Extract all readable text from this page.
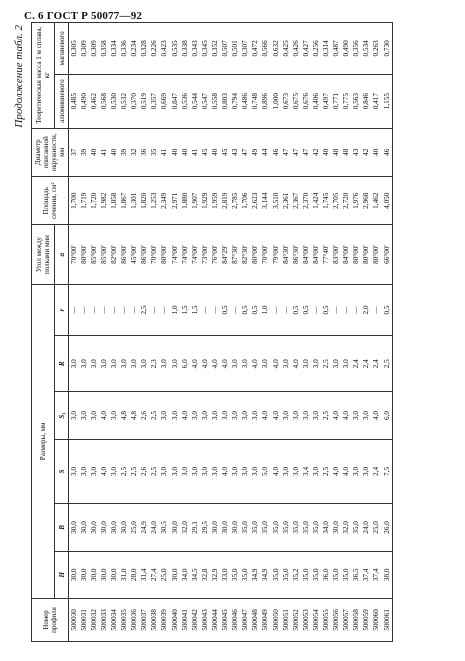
С. 6 ГОСТ Р 50077—92
Продолжение табл. 2
Номер профиля	Размеры, мм						Угол между полками мин	Площадь сечения, см²	Диаметр описанной окружности, мм	Теоретическая масса 1 м сплава, кг	
	H	B	S	S₁	R	r	α			алюминиевого	магниевого
500030	30,0	30,0	3,0	3,0	3,0	—	70°00'	1,700	37	0,485	0,305
500031	30,0	30,0	3,0	3,0	3,0	—	80°00'	1,719	39	0,490	0,309
500032	30,0	30,0	3,0	3,0	3,0	—	85°00'	1,720	40	0,462	0,309
500033	30,0	30,0	4,0	4,0	3,0	—	85°00'	1,982	41	0,568	0,358
500034	30,0	30,0	3,0	3,0	3,0	—	82°00'	1,858	40	0,530	0,334
500035	31,0	30,0	2,5	4,8	3,0	—	86°00'	1,867	39	0,532	0,336
500036	28,0	25,0	2,5	4,8	3,0	—	45°00'	1,301	32	0,370	0,234
500037	31,4	24,9	2,6	2,6	3,0	2,5	86°00'	1,820	36	0,519	0,328
500038	27,4	24,0	2,5	2,5	2,3	—	70°00'	1,253	35	0,357	0,226
500039	25,0	30,5	3,0	3,0	3,0	—	80°00'	2,349	41	0,669	0,423
500040	30,0	30,0	3,0	3,0	3,0	1,0	74°00'	2,971	40	0,847	0,535
500041	34,0	32,0	3,0	4,0	6,0	1,5	74°00'	1,880	40	0,536	0,338
500042	34,5	29,1	3,0	3,0	4,0	1,5	74°00'	1,907	41	0,544	0,343
500043	32,8	29,5	3,0	3,0	4,0	—	73°00'	1,929	45	0,547	0,345
500044	32,9	30,0	3,0	3,0	4,0	—	76°00'	1,959	40	0,558	0,352
500045	33,0	30,0	4,0	3,0	4,0	0,5	84°29'	2,819	45	0,803	0,507
500046	35,0	30,0	3,0	3,0	3,0	—	87°30'	2,785	43	0,794	0,501
500047	35,0	35,0	3,0	3,0	3,0	0,5	82°30'	1,706	47	0,486	0,307
500048	34,9	35,0	3,0	3,0	4,0	0,5	80°00'	2,623	49	0,748	0,472
500049	34,9	35,0	5,0	4,0	3,0	1,0	70°00'	3,144	44	0,896	0,566
500050	35,0	35,0	4,0	4,0	4,0	—	79°00'	3,510	46	1,000	0,632
500051	35,0	35,0	3,0	3,0	3,0	—	84°30'	2,361	47	0,673	0,425
500052	35,2	35,0	3,0	3,0	4,0	0,5	86°30'	2,367	47	0,675	0,426
500053	35,0	35,0	3,4	3,0	3,0	0,5	84°00'	2,370	47	0,676	0,427
500054	35,0	35,0	3,0	3,0	3,0	—	84°00'	1,424	42	0,406	0,256
500055	36,0	34,0	2,5	2,5	2,5	0,5	77°40'	1,745	40	0,497	0,314
500056	35,0	30,0	4,0	4,0	3,0	—	83°00'	2,705	48	0,771	0,487
500057	35,0	32,0	4,0	4,0	3,0	—	84°00'	2,720	48	0,775	0,490
500058	36,5	35,0	3,0	3,0	2,4	—	80°00'	1,976	43	0,563	0,356
500059	37,4	24,0	3,0	3,0	2,4	2,0	80°00'	2,968	42	0,846	0,534
500060	37,4	25,0	2,4	4,0	2,4	—	80°00'	1,462	40	0,417	0,263
500061	38,0	26,0	7,5	6,0	2,5	0,5	66°00'	4,050	46	1,155	0,730
